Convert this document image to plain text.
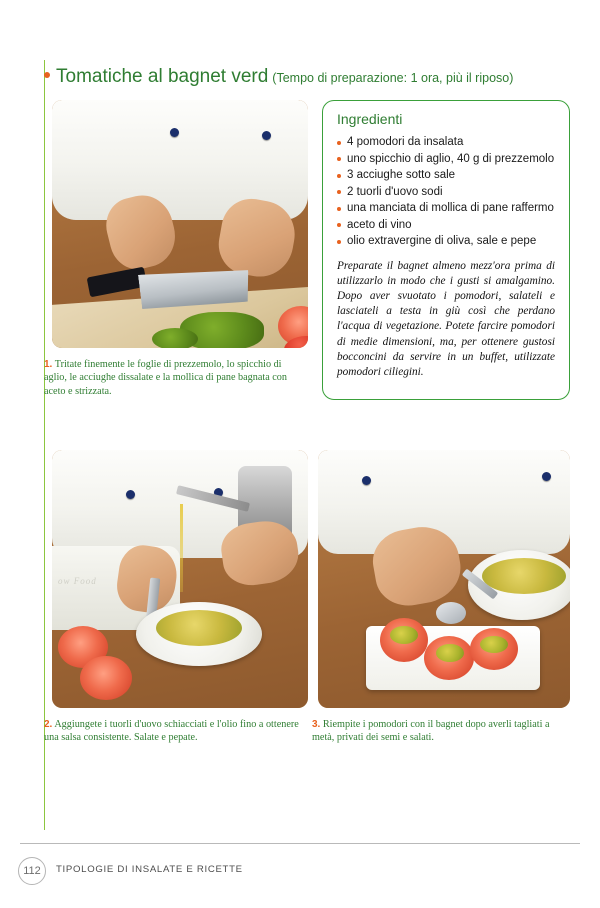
Tomatiche al bagnet verd (Tempo di preparazione: 1 ora, più il riposo)
Ingredienti
4 pomodori da insalata
uno spicchio di aglio, 40 g di prezzemolo
3 acciughe sotto sale
2 tuorli d'uovo sodi
una manciata di mollica di pane raffermo
aceto di vino
olio extravergine di oliva, sale e pepe
Preparate il bagnet almeno mezz'ora prima di utilizzarlo in modo che i gusti si amalgamino. Dopo aver svuotato i pomodori, salateli e lasciateli a testa in giù così che perdano l'acqua di vegetazione. Potete farcire pomodori di medie dimensioni, ma, per ottenere gustosi bocconcini da servire in un buffet, utilizzate pomodori ciliegini.
1. Tritate finemente le foglie di prezzemolo, lo spicchio di aglio, le acciughe dissalate e la mollica di pane bagnata con aceto e strizzata.
ow Food
2. Aggiungete i tuorli d'uovo schiacciati e l'olio fino a ottenere una salsa consistente. Salate e pepate.
3. Riempite i pomodori con il bagnet dopo averli tagliati a metà, privati dei semi e salati.
112	TIPOLOGIE DI INSALATE E RICETTE
